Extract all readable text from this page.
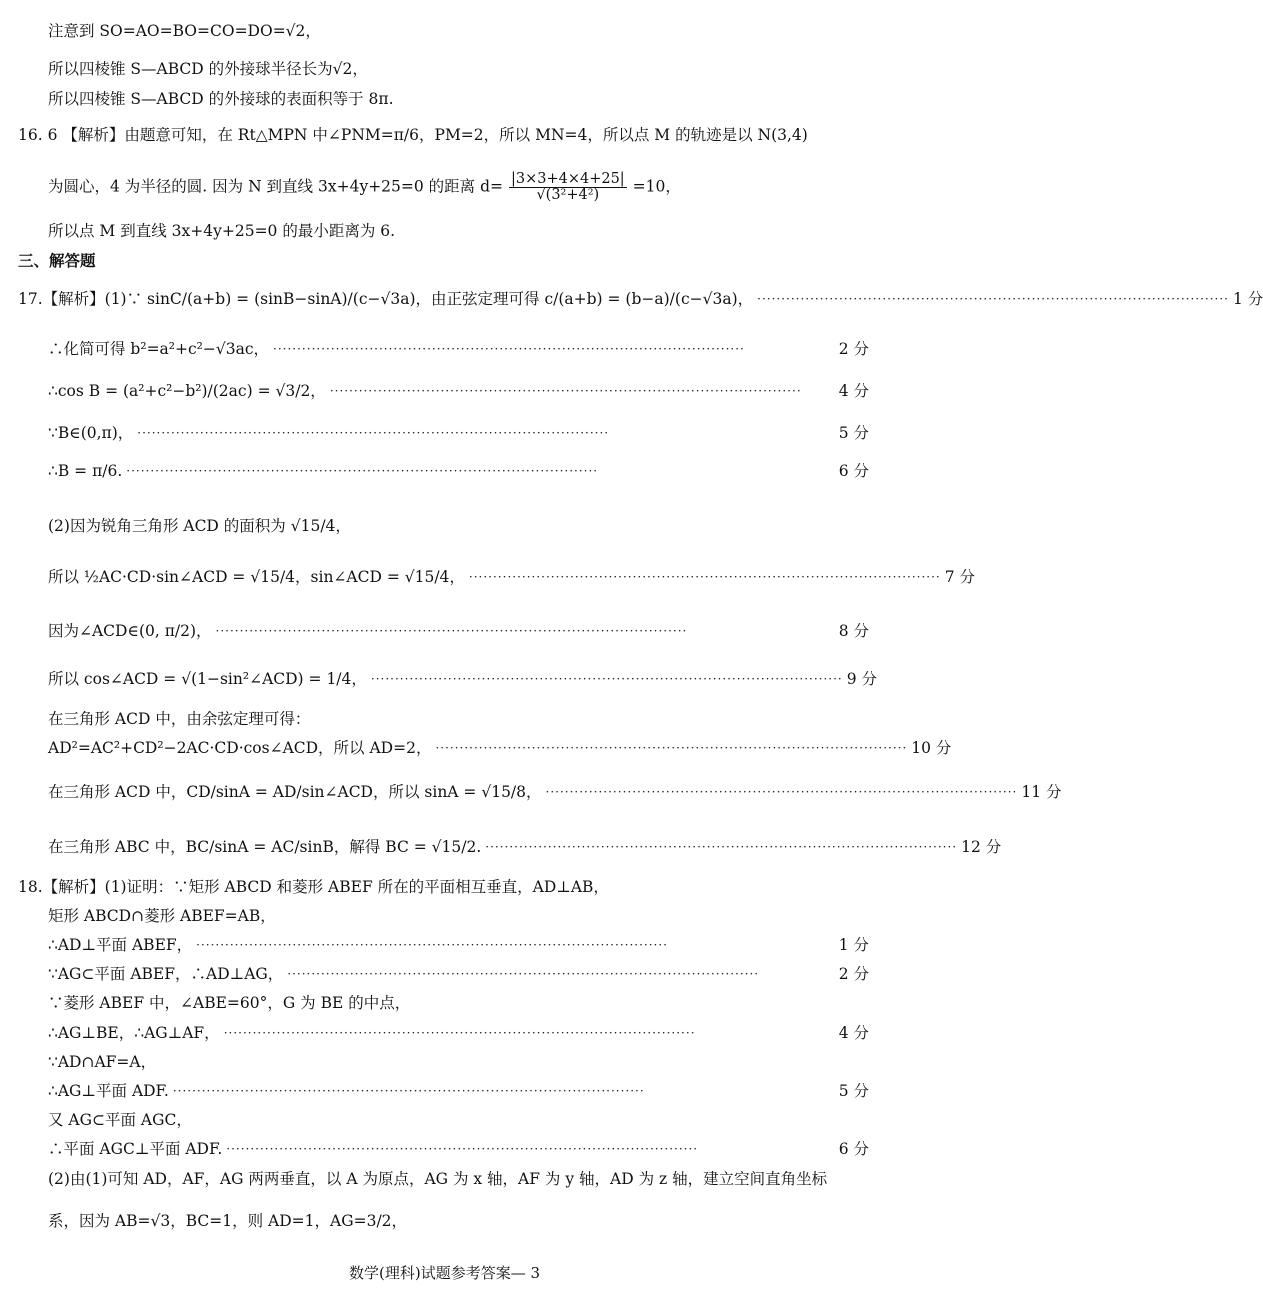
注意到 SO=AO=BO=CO=DO=√2，
所以四棱锥 S—ABCD 的外接球半径长为√2，
所以四棱锥 S—ABCD 的外接球的表面积等于 8π.
16. 6 【解析】由题意可知，在 Rt△MPN 中∠PNM=π/6，PM=2，所以 MN=4，所以点 M 的轨迹是以 N(3,4)
为圆心，4 为半径的圆. 因为 N 到直线 3x+4y+25=0 的距离 $d= \frac{|3\times 3+4\times 4+25|}{\text{√(3²+4²)}} =10$，
所以点 M 到直线 3x+4y+25=0 的最小距离为 6.
三、解答题
17.【解析】(1)∵ sinC/(a+b) = (sinB−sinA)/(c−√3a)，由正弦定理可得 c/(a+b) = (b−a)/(c−√3a)， ·································································································· 1 分
∴化简可得 b²=a²+c²−√3ac， ··································································································	2 分
∴cos B = (a²+c²−b²)/(2ac) = √3/2， ··································································································	4 分
∵B∈(0,π)， ··································································································	5 分
∴B = π/6. ··································································································	6 分
(2)因为锐角三角形 ACD 的面积为 √15/4，
所以 ½AC·CD·sin∠ACD = √15/4，sin∠ACD = √15/4， ·································································································· 7 分
因为∠ACD∈(0, π/2)， ··································································································	8 分
所以 cos∠ACD = √(1−sin²∠ACD) = 1/4， ·································································································· 9 分
在三角形 ACD 中，由余弦定理可得：
AD²=AC²+CD²−2AC·CD·cos∠ACD，所以 AD=2， ·································································································· 10 分
在三角形 ACD 中，CD/sinA = AD/sin∠ACD，所以 sinA = √15/8， ·································································································· 11 分
在三角形 ABC 中，BC/sinA = AC/sinB，解得 BC = √15/2. ·································································································· 12 分
18.【解析】(1)证明：∵矩形 ABCD 和菱形 ABEF 所在的平面相互垂直，AD⊥AB，
矩形 ABCD∩菱形 ABEF=AB，
∴AD⊥平面 ABEF， ··································································································	1 分
∵AG⊂平面 ABEF，∴AD⊥AG， ··································································································	2 分
∵菱形 ABEF 中，∠ABE=60°，G 为 BE 的中点，
∴AG⊥BE，∴AG⊥AF， ··································································································	4 分
∵AD∩AF=A，
∴AG⊥平面 ADF. ··································································································	5 分
又 AG⊂平面 AGC，
∴平面 AGC⊥平面 ADF. ··································································································	6 分
(2)由(1)可知 AD，AF，AG 两两垂直，以 A 为原点，AG 为 x 轴，AF 为 y 轴，AD 为 z 轴，建立空间直角坐标
系，因为 AB=√3，BC=1，则 AD=1，AG=3/2，
数学(理科)试题参考答案— 3
